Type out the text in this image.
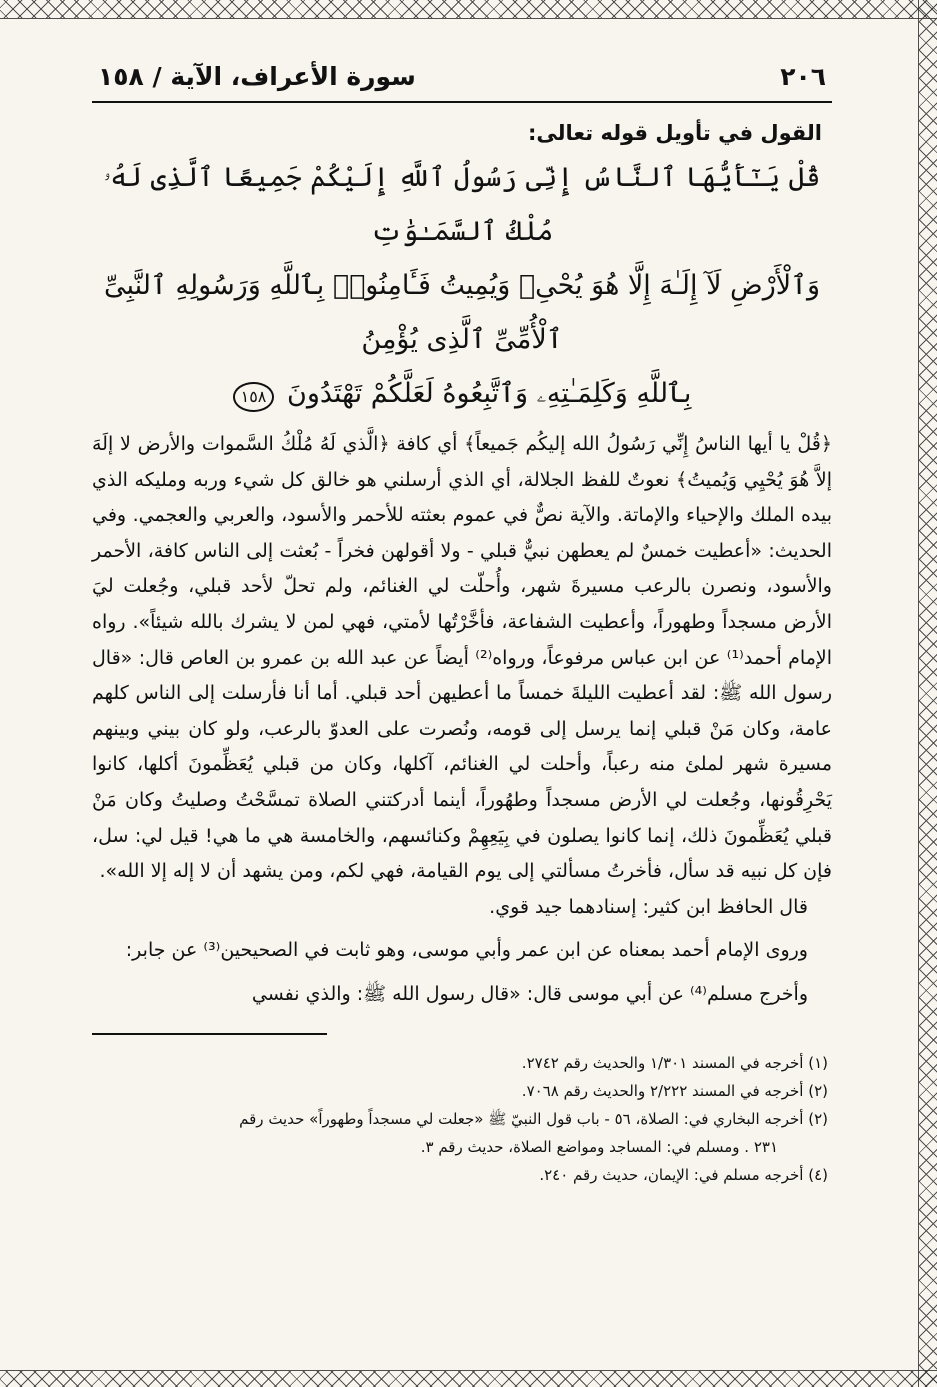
٢٠٦
سورة الأعراف، الآية / ١٥٨
القول في تأويل قوله تعالى:
قُلْ يَـٰٓأَيُّهَا ٱلنَّاسُ إِنِّى رَسُولُ ٱللَّهِ إِلَيْكُمْ جَمِيعًا ٱلَّذِى لَهُۥ مُلْكُ ٱلسَّمَـٰوَٰتِ
وَٱلْأَرْضِ لَآ إِلَـٰهَ إِلَّا هُوَ يُحْىِۦ وَيُمِيتُ فَـَٔامِنُوا۟ بِٱللَّهِ وَرَسُولِهِ ٱلنَّبِىِّ ٱلْأُمِّىِّ ٱلَّذِى يُؤْمِنُ
بِٱللَّهِ وَكَلِمَـٰتِهِۦ وَٱتَّبِعُوهُ لَعَلَّكُمْ تَهْتَدُونَ ١٥٨

﴿قُلْ يا أيها الناسُ إِنِّي رَسُولُ الله إليكُم جَميعاً﴾ أي كافة ﴿الَّذي لَهُ مُلْكُ السَّموات والأرض لا إلَهَ إلاَّ هُوَ يُحْيِي وَيُميتُ﴾ نعوتٌ للفظ الجلالة، أي الذي أرسلني هو خالق كل شيء وربه ومليكه الذي بيده الملك والإحياء والإماتة. والآية نصٌّ في عموم بعثته للأحمر والأسود، والعربي والعجمي. وفي الحديث: «أعطيت خمسٌ لم يعطهن نبيٌّ قبلي - ولا أقولهن فخراً - بُعثت إلى الناس كافة، الأحمر والأسود، ونصرن بالرعب مسيرةَ شهر، وأُحلّت لي الغنائم، ولم تحلّ لأحد قبلي، وجُعلت ليَ الأرض مسجداً وطهوراً، وأعطيت الشفاعة، فأخَّرْتُها لأمتي، فهي لمن لا يشرك بالله شيئاً». رواه الإمام أحمد⁽¹⁾ عن ابن عباس مرفوعاً، ورواه⁽²⁾ أيضاً عن عبد الله بن عمرو بن العاص قال: «قال رسول الله ﷺ: لقد أعطيت الليلةَ خمساً ما أعطيهن أحد قبلي. أما أنا فأرسلت إلى الناس كلهم عامة، وكان مَنْ قبلي إنما يرسل إلى قومه، ونُصرت على العدوّ بالرعب، ولو كان بيني وبينهم مسيرة شهر لملئ منه رعباً، وأحلت لي الغنائم، آكلها، وكان من قبلي يُعَظِّمونَ أكلها، كانوا يَحْرِقُونها، وجُعلت لي الأرض مسجداً وطهُوراً، أينما أدركتني الصلاة تمسَّحْتُ وصليتُ وكان مَنْ قبلي يُعَظِّمونَ ذلك، إنما كانوا يصلون في بِيَعِهِمْ وكنائسهم، والخامسة هي ما هي! قيل لي: سل، فإن كل نبيه قد سأل، فأخرتُ مسألتي إلى يوم القيامة، فهي لكم، ومن يشهد أن لا إله إلا الله».

قال الحافظ ابن كثير: إسنادهما جيد قوي.

وروى الإمام أحمد بمعناه عن ابن عمر وأبي موسى، وهو ثابت في الصحيحين⁽³⁾ عن جابر:

وأخرج مسلم⁽⁴⁾ عن أبي موسى قال: «قال رسول الله ﷺ: والذي نفسي

(١) أخرجه في المسند ١/٣٠١ والحديث رقم ٢٧٤٢.

(٢) أخرجه في المسند ٢/٢٢٢ والحديث رقم ٧٠٦٨.

(٢) أخرجه البخاري في: الصلاة، ٥٦ - باب قول النبيّ ﷺ «جعلت لي مسجداً وطهوراً» حديث رقم

٢٣١ . ومسلم في: المساجد ومواضع الصلاة، حديث رقم ٣.

(٤) أخرجه مسلم في: الإيمان، حديث رقم ٢٤٠.
